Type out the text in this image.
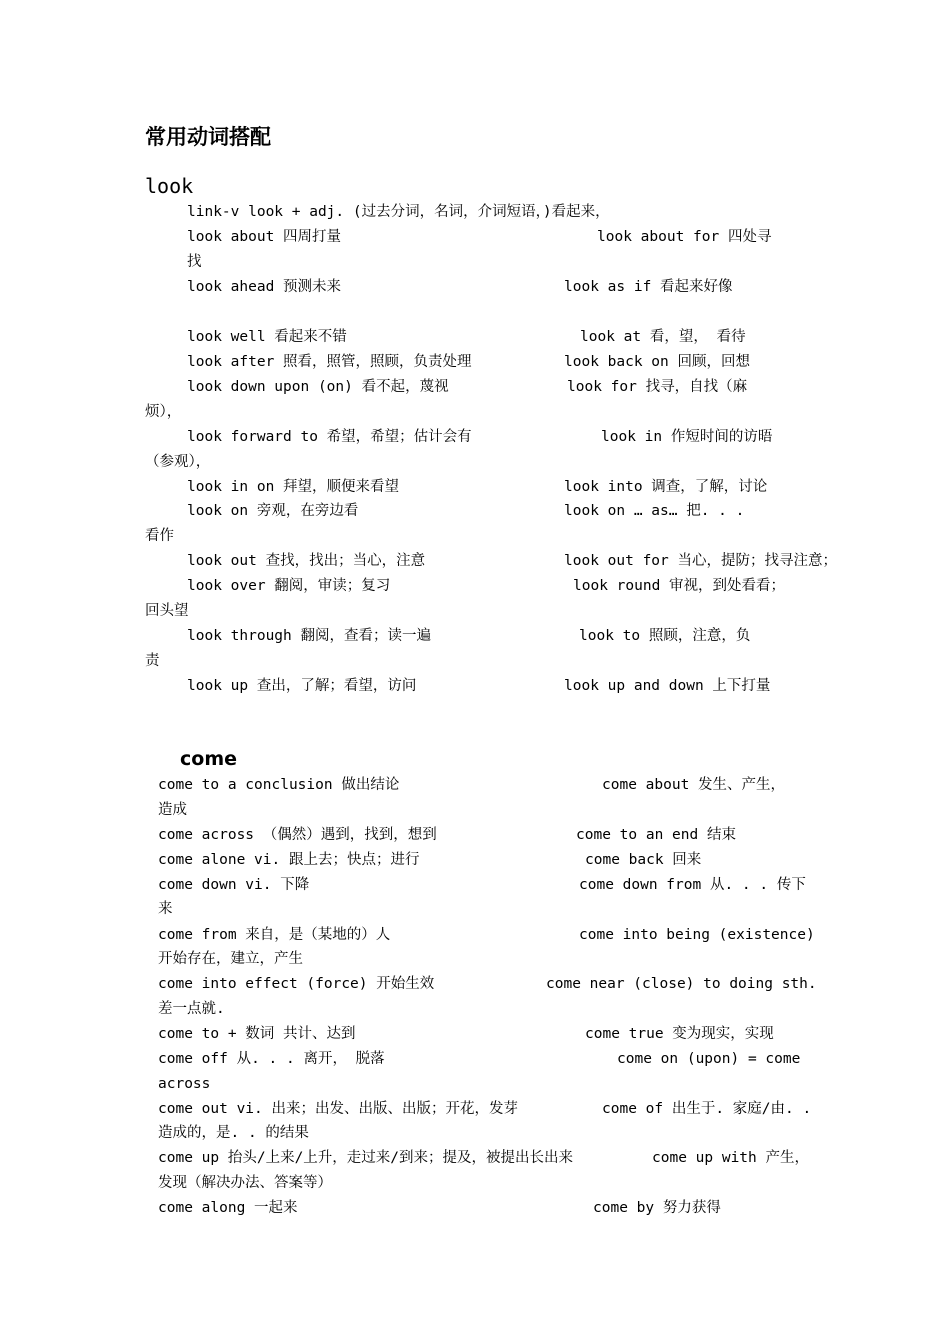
常用动词搭配
look
link-v look + adj. (过去分词，名词，介词短语，)看起来，
look about 四周打量	look about for 四处寻
找
look ahead 预测未来	look as if 看起来好像
look well 看起来不错	look at 看，望， 看待
look after 照看，照管，照顾，负责处理	look back on 回顾，回想
look down upon (on) 看不起，蔑视	look for 找寻，自找（麻
烦），
look forward to 希望，希望；估计会有	look in 作短时间的访晤
（参观），
look in on 拜望，顺便来看望	look into 调查，了解，讨论
look on 旁观，在旁边看	look on … as… 把. . .
看作
look out 查找，找出；当心，注意	look out for 当心，提防；找寻注意；
look over 翻阅，审读；复习	look round 审视，到处看看；
回头望
look through 翻阅，查看；读一遍	look to 照顾，注意，负
责
look up 查出，了解；看望，访问	look up and down 上下打量
come
come to a conclusion 做出结论	come about 发生、产生，
造成
come across （偶然）遇到，找到，想到	come to an end 结束
come alone vi. 跟上去；快点；进行	come back 回来
come down vi. 下降	come down from 从. . . 传下
来
come from 来自，是（某地的）人	come into being (existence)
开始存在，建立，产生
come into effect (force) 开始生效	come near (close) to doing sth.
差一点就.
come to + 数词 共计、达到	come true 变为现实，实现
come off 从. . . 离开， 脱落	come on (upon) = come
across
come out vi. 出来；出发、出版、出版；开花，发芽	come of 出生于. 家庭/由. .
造成的，是. . 的结果
come up 抬头/上来/上升，走过来/到来；提及，被提出长出来	come up with 产生，
发现（解决办法、答案等）
come along 一起来	come by 努力获得
